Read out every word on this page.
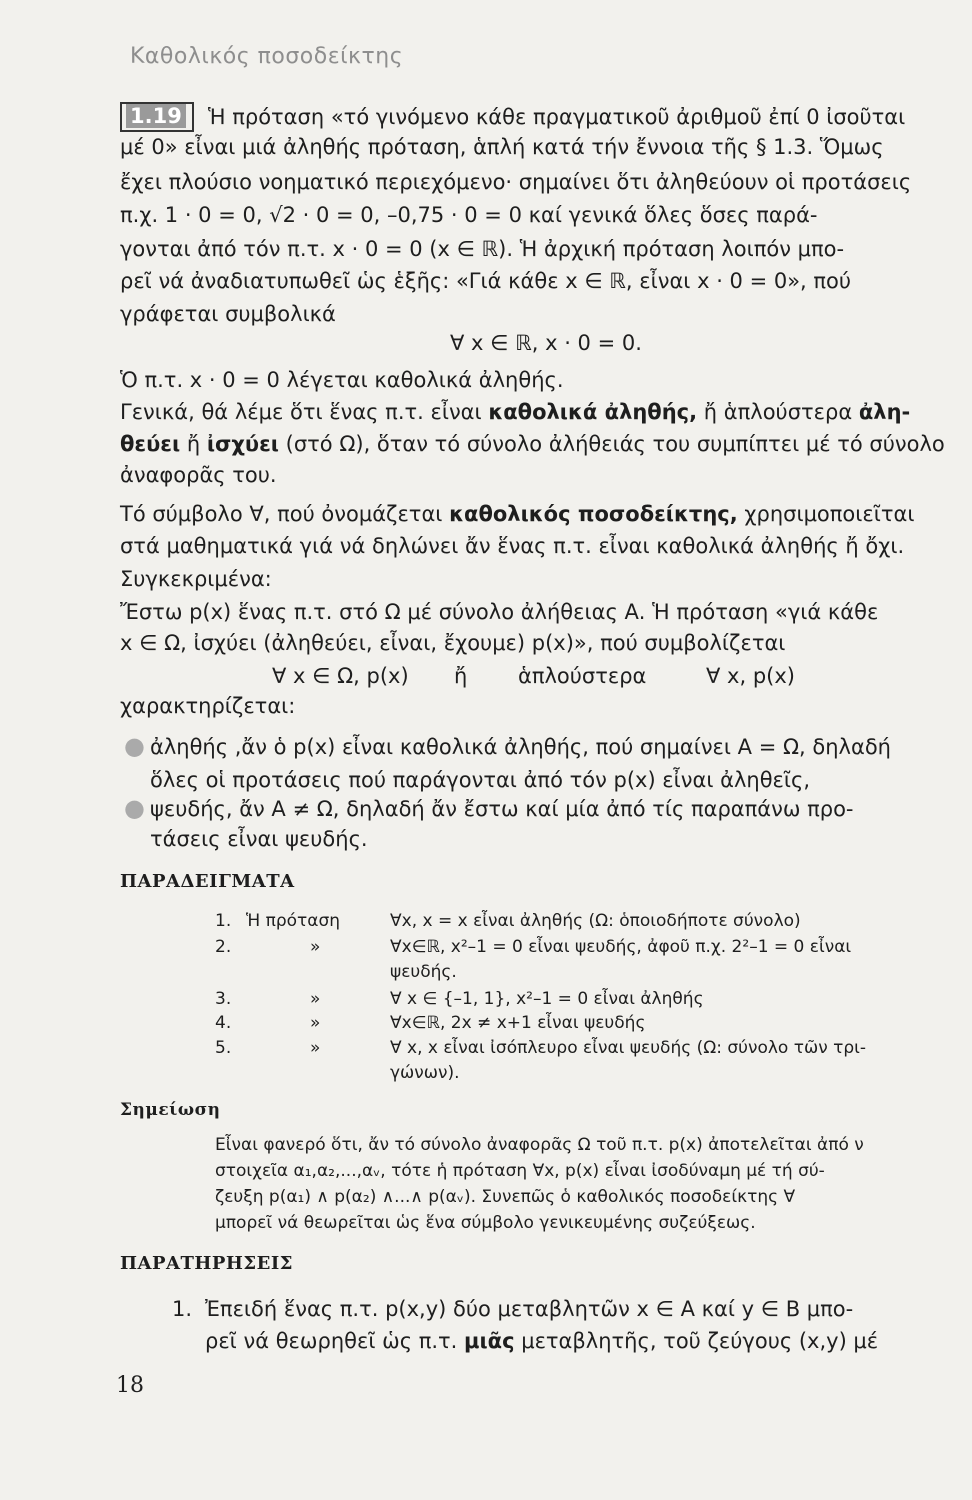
Καθολικός ποσοδείκτης
1.19 Ἡ πρόταση «τό γινόμενο κάθε πραγματικοῦ ἀριθμοῦ ἐπί 0 ἰσοῦται
μέ 0» εἶναι μιά ἀληθής πρόταση, ἁπλή κατά τήν ἔννοια τῆς § 1.3. Ὅμως
ἔχει πλούσιο νοηματικό περιεχόμενο· σημαίνει ὅτι ἀληθεύουν οἱ προτάσεις
π.χ. 1 · 0 = 0, √2 · 0 = 0, –0,75 · 0 = 0 καί γενικά ὅλες ὅσες παρά-
γονται ἀπό τόν π.τ. x · 0 = 0 (x ∈ ℝ). Ἡ ἀρχική πρόταση λοιπόν μπο-
ρεῖ νά ἀναδιατυπωθεῖ ὡς ἑξῆς: «Γιά κάθε x ∈ ℝ, εἶναι x · 0 = 0», πού
γράφεται συμβολικά
∀ x ∈ ℝ, x · 0 = 0.
Ὁ π.τ. x · 0 = 0 λέγεται καθολικά ἀληθής.
Γενικά, θά λέμε ὅτι ἕνας π.τ. εἶναι καθολικά ἀληθής, ἤ ἁπλούστερα ἀλη-
θεύει ἤ ἰσχύει (στό Ω), ὅταν τό σύνολο ἀλήθειάς του συμπίπτει μέ τό σύνολο
ἀναφορᾶς του.
Τό σύμβολο ∀, πού ὀνομάζεται καθολικός ποσοδείκτης, χρησιμοποιεῖται
στά μαθηματικά γιά νά δηλώνει ἄν ἕνας π.τ. εἶναι καθολικά ἀληθής ἤ ὄχι.
Συγκεκριμένα:
Ἔστω p(x) ἕνας π.τ. στό Ω μέ σύνολο ἀλήθειας Α. Ἡ πρόταση «γιά κάθε
x ∈ Ω, ἰσχύει (ἀληθεύει, εἶναι, ἔχουμε) p(x)», πού συμβολίζεται
∀ x ∈ Ω, p(x) ἤ ἁπλούστερα	∀ x, p(x)
χαρακτηρίζεται:
● ἀληθής ,ἄν ὁ p(x) εἶναι καθολικά ἀληθής, πού σημαίνει Α = Ω, δηλαδή
ὅλες οἱ προτάσεις πού παράγονται ἀπό τόν p(x) εἶναι ἀληθεῖς,
● ψευδής, ἄν Α ≠ Ω, δηλαδή ἄν ἔστω καί μία ἀπό τίς παραπάνω προ-
τάσεις εἶναι ψευδής.
ΠΑΡΑΔΕΙΓΜΑΤΑ
1. Ἡ πρόταση	∀x, x = x εἶναι ἀληθής (Ω: ὁποιοδήποτε σύνολο)
2.	»	∀x∈ℝ, x²–1 = 0 εἶναι ψευδής, ἀφοῦ π.χ. 2²–1 = 0 εἶναι
ψευδής.
3.	»	∀ x ∈ {–1, 1}, x²–1 = 0 εἶναι ἀληθής
4.	»	∀x∈ℝ, 2x ≠ x+1 εἶναι ψευδής
5.	»	∀ x, x εἶναι ἰσόπλευρο εἶναι ψευδής (Ω: σύνολο τῶν τρι-
γώνων).
Σημείωση
Εἶναι φανερό ὅτι, ἄν τό σύνολο ἀναφορᾶς Ω τοῦ π.τ. p(x) ἀποτελεῖται ἀπό ν
στοιχεῖα α₁,α₂,...,αᵥ, τότε ἡ πρόταση ∀x, p(x) εἶναι ἰσοδύναμη μέ τή σύ-
ζευξη p(α₁) ∧ p(α₂) ∧...∧ p(αᵥ). Συνεπῶς ὁ καθολικός ποσοδείκτης ∀
μπορεῖ νά θεωρεῖται ὡς ἕνα σύμβολο γενικευμένης συζεύξεως.
ΠΑΡΑΤΗΡΗΣΕΙΣ
1. Ἐπειδή ἕνας π.τ. p(x,y) δύο μεταβλητῶν x ∈ Α καί y ∈ Β μπο-
ρεῖ νά θεωρηθεῖ ὡς π.τ. μιᾶς μεταβλητῆς, τοῦ ζεύγους (x,y) μέ
18
